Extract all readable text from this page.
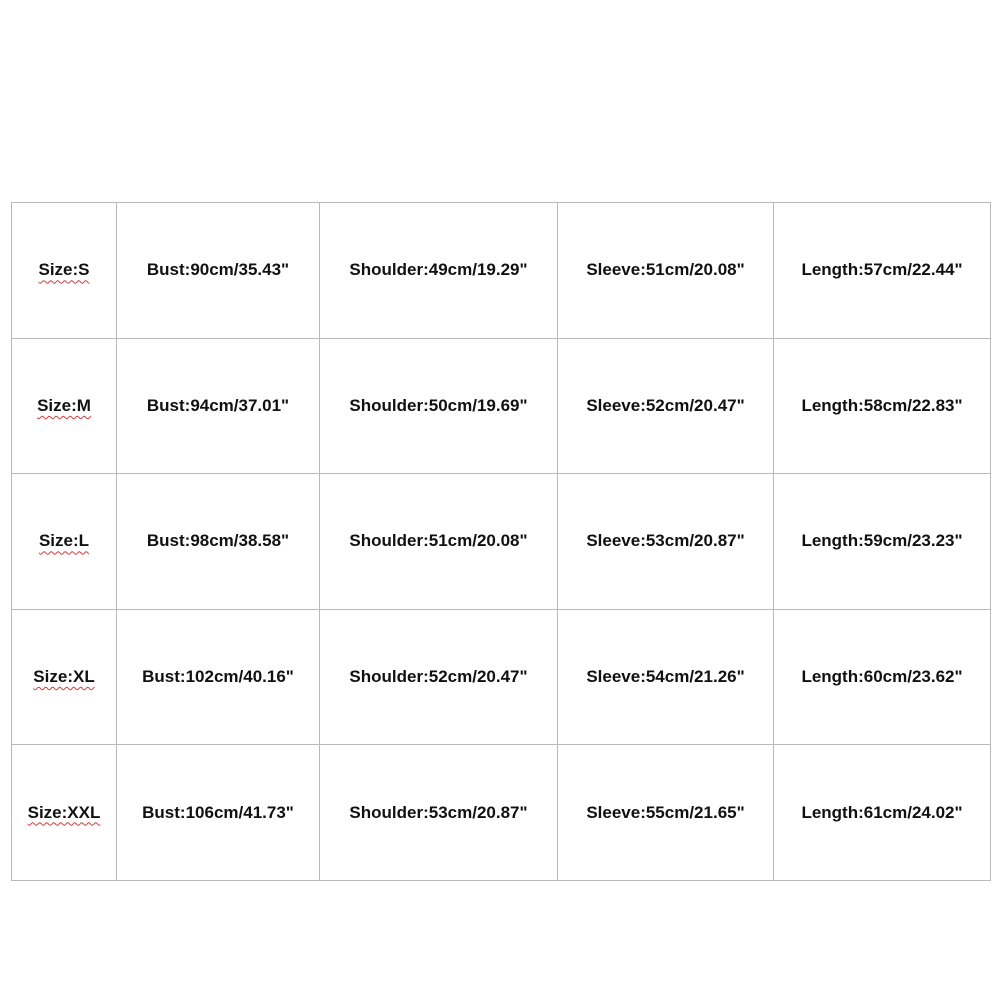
Size:S	Bust:90cm/35.43"	Shoulder:49cm/19.29"	Sleeve:51cm/20.08"	Length:57cm/22.44"
Size:M	Bust:94cm/37.01"	Shoulder:50cm/19.69"	Sleeve:52cm/20.47"	Length:58cm/22.83"
Size:L	Bust:98cm/38.58"	Shoulder:51cm/20.08"	Sleeve:53cm/20.87"	Length:59cm/23.23"
Size:XL	Bust:102cm/40.16"	Shoulder:52cm/20.47"	Sleeve:54cm/21.26"	Length:60cm/23.62"
Size:XXL	Bust:106cm/41.73"	Shoulder:53cm/20.87"	Sleeve:55cm/21.65"	Length:61cm/24.02"
